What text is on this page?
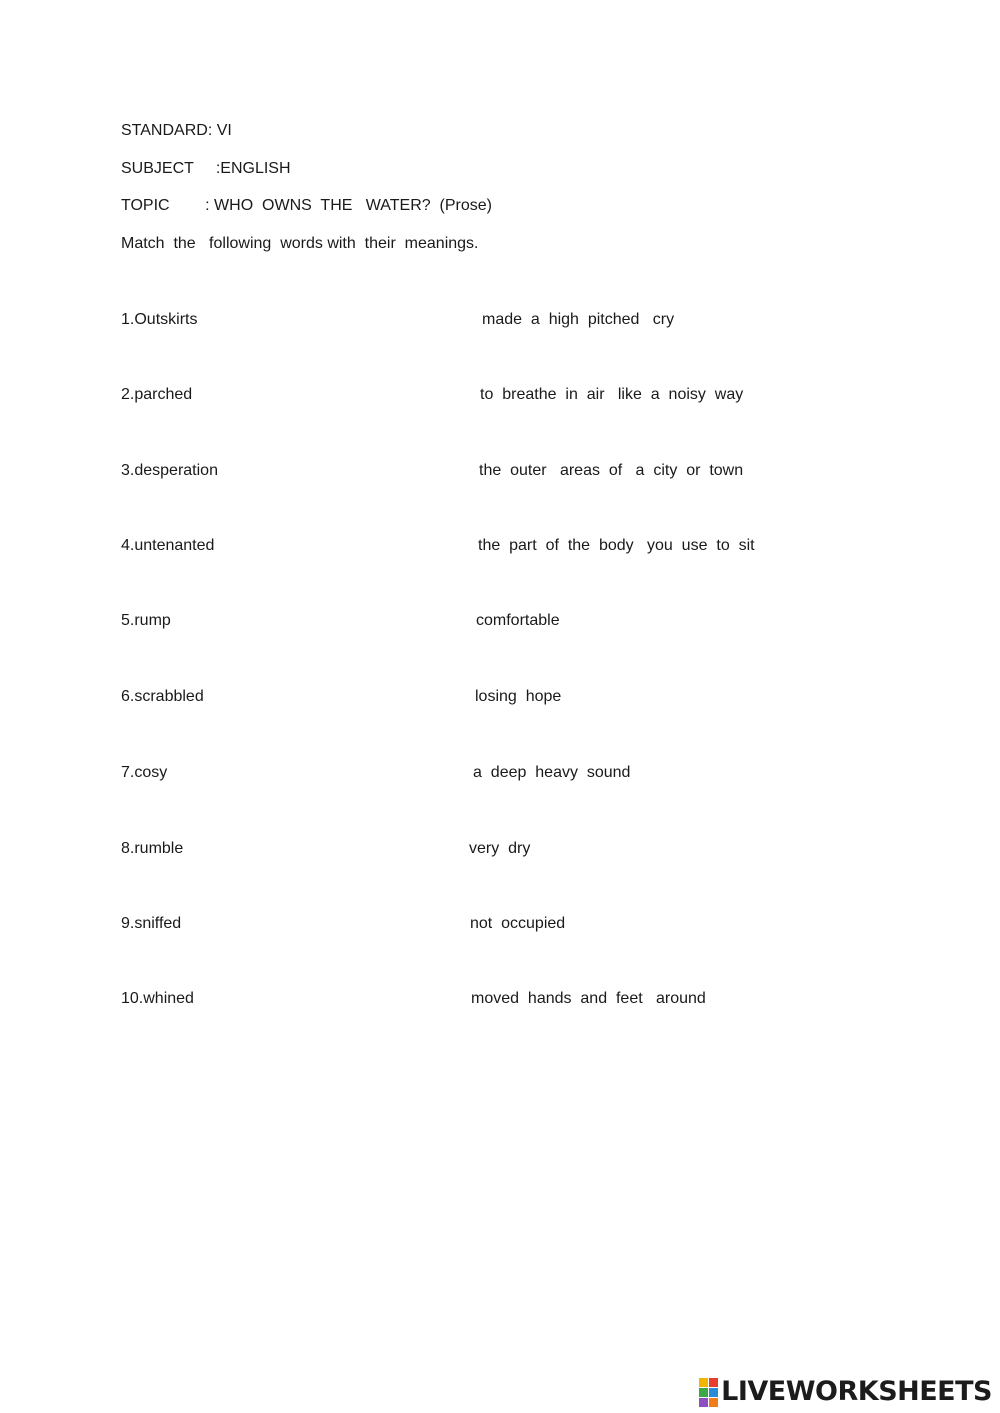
STANDARD: VI
SUBJECT     :ENGLISH
TOPIC        : WHO  OWNS  THE   WATER?  (Prose)
Match  the   following  words with  their  meanings.
1.Outskirts	made  a  high  pitched   cry
2.parched	to  breathe  in  air   like  a  noisy  way
3.desperation	the  outer   areas  of   a  city  or  town
4.untenanted	the  part  of  the  body   you  use  to  sit
5.rump	comfortable
6.scrabbled	losing  hope
7.cosy	a  deep  heavy  sound
8.rumble	very  dry
9.sniffed	not  occupied
10.whined	moved  hands  and  feet   around
LIVEWORKSHEETS
